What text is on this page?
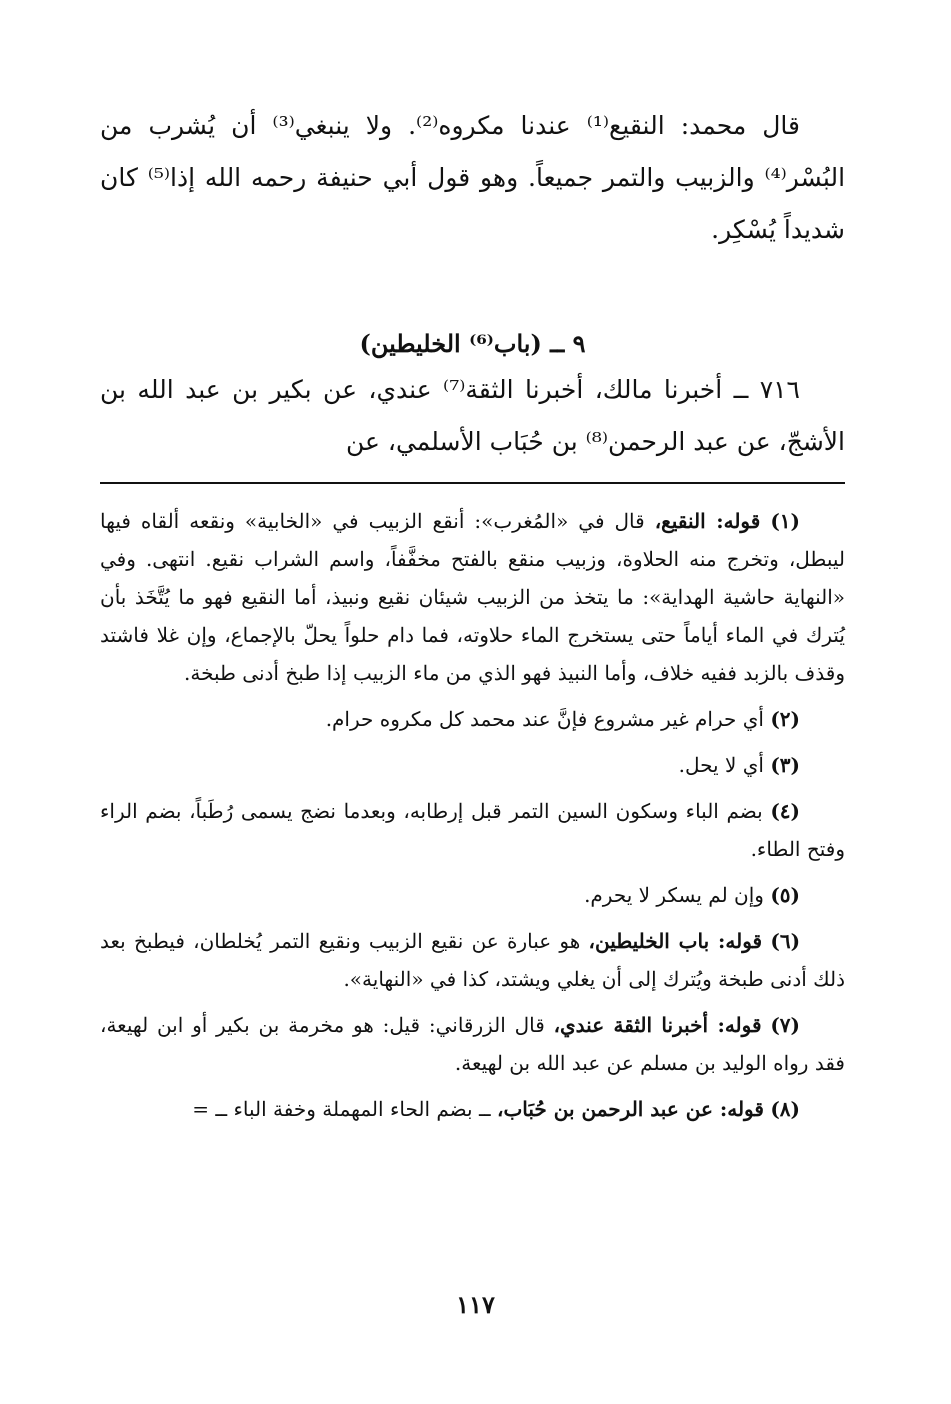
قال محمد: النقيع⁽¹⁾ عندنا مكروه⁽²⁾. ولا ينبغي⁽³⁾ أن يُشرب من البُسْر⁽⁴⁾ والزبيب والتمر جميعاً. وهو قول أبي حنيفة رحمه الله إذا⁽⁵⁾ كان شديداً يُسْكِر.

٩ ــ (باب⁽⁶⁾ الخليطين)

٧١٦ ــ أخبرنا مالك، أخبرنا الثقة⁽⁷⁾ عندي، عن بكير بن عبد الله بن الأشجّ، عن عبد الرحمن⁽⁸⁾ بن حُبَاب الأسلمي، عن

(١) قوله: النقيع، قال في «المُغرب»: أنقع الزبيب في «الخابية» ونقعه ألقاه فيها ليبطل، وتخرج منه الحلاوة، وزبيب منقع بالفتح مخفَّفاً، واسم الشراب نقيع. انتهى. وفي «النهاية حاشية الهداية»: ما يتخذ من الزبيب شيئان نقيع ونبيذ، أما النقيع فهو ما يُتَّخَذ بأن يُترك في الماء أياماً حتى يستخرج الماء حلاوته، فما دام حلواً يحلّ بالإجماع، وإن غلا فاشتد وقذف بالزبد ففيه خلاف، وأما النبيذ فهو الذي من ماء الزبيب إذا طبخ أدنى طبخة.

(٢) أي حرام غير مشروع فإنَّ عند محمد كل مكروه حرام.

(٣) أي لا يحل.

(٤) بضم الباء وسكون السين التمر قبل إرطابه، وبعدما نضج يسمى رُطَباً، بضم الراء وفتح الطاء.

(٥) وإن لم يسكر لا يحرم.

(٦) قوله: باب الخليطين، هو عبارة عن نقيع الزبيب ونقيع التمر يُخلطان، فيطبخ بعد ذلك أدنى طبخة ويُترك إلى أن يغلي ويشتد، كذا في «النهاية».

(٧) قوله: أخبرنا الثقة عندي، قال الزرقاني: قيل: هو مخرمة بن بكير أو ابن لهيعة، فقد رواه الوليد بن مسلم عن عبد الله بن لهيعة.

(٨) قوله: عن عبد الرحمن بن حُبَاب، ــ بضم الحاء المهملة وخفة الباء ــ =

١١٧
